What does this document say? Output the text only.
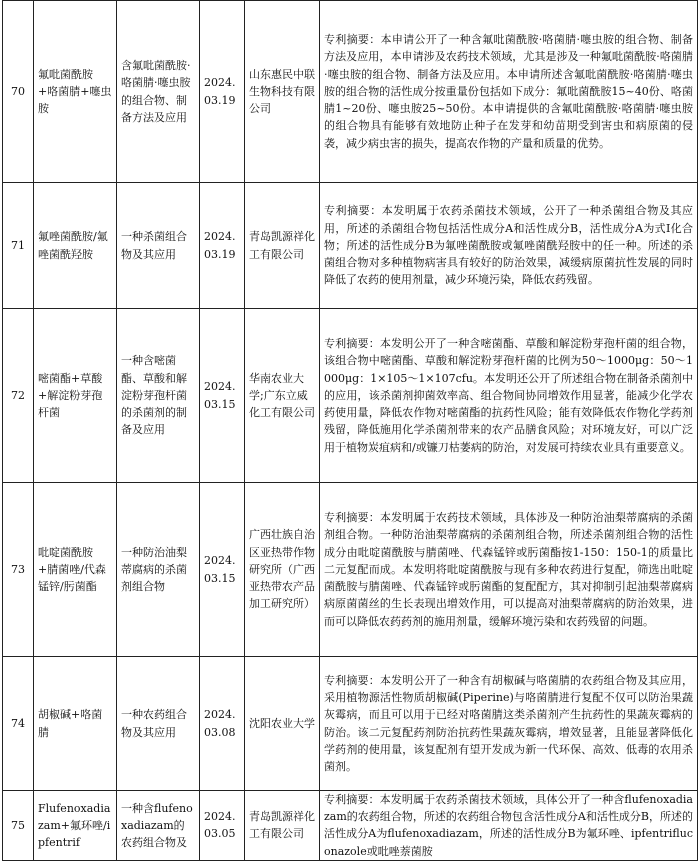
70	氟吡菌酰胺+咯菌腈+噻虫胺	含氟吡菌酰胺·咯菌腈·噻虫胺的组合物、制备方法及应用	2024.03.19	山东惠民中联生物科技有限公司	专利摘要：本申请公开了一种含氟吡菌酰胺·咯菌腈·噻虫胺的组合物、制备方法及应用，本申请涉及农药技术领域，尤其是涉及一种氟吡菌酰胺·咯菌腈·噻虫胺的组合物、制备方法及应用。本申请所述含氟吡菌酰胺·咯菌腈·噻虫胺的组合物的活性成分按重量份包括如下成分：氟吡菌酰胺15~40份、咯菌腈1~20份、噻虫胺25~50份。本申请提供的含氟吡菌酰胺·咯菌腈·噻虫胺的组合物具有能够有效地防止种子在发芽和幼苗期受到害虫和病原菌的侵袭，减少病虫害的损失，提高农作物的产量和质量的优势。
71	氟唑菌酰胺/氟唑菌酰羟胺	一种杀菌组合物及其应用	2024.03.19	青岛凯源祥化工有限公司	专利摘要：本发明属于农药杀菌技术领域，公开了一种杀菌组合物及其应用，所述的杀菌组合物包括活性成分A和活性成分B，活性成分A为式Ⅰ化合物；所述的活性成分B为氟唑菌酰胺或氟唑菌酰羟胺中的任一种。所述的杀菌组合物对多种植物病害具有较好的防治效果，减缓病原菌抗性发展的同时降低了农药的使用剂量，减少环境污染，降低农药残留。
72	嘧菌酯+草酸+解淀粉芽孢杆菌	一种含嘧菌酯、草酸和解淀粉芽孢杆菌的杀菌剂的制备及应用	2024.03.15	华南农业大学;广东立威化工有限公司	专利摘要：本发明公开了一种含嘧菌酯、草酸和解淀粉芽孢杆菌的组合物，该组合物中嘧菌酯、草酸和解淀粉芽孢杆菌的比例为50～1000μg：50～1000μg：1×105～1×107cfu。本发明还公开了所述组合物在制备杀菌剂中的应用，该杀菌剂抑菌效率高、组合物间协同增效作用显著，能减少化学农药使用量，降低农作物对嘧菌酯的抗药性风险；能有效降低农作物化学药剂残留，降低施用化学杀菌剂带来的农产品膳食风险；对环境友好，可以广泛用于植物炭疽病和/或镰刀枯萎病的防治，对发展可持续农业具有重要意义。
73	吡啶菌酰胺+腈菌唑/代森锰锌/肟菌酯	一种防治油梨蒂腐病的杀菌剂组合物	2024.03.15	广西壮族自治区亚热带作物研究所（广西亚热带农产品加工研究所）	专利摘要：本发明属于农药技术领域，具体涉及一种防治油梨蒂腐病的杀菌剂组合物。一种防治油梨蒂腐病的杀菌剂组合物，所述杀菌剂组合物的活性成分由吡啶菌酰胺与腈菌唑、代森锰锌或肟菌酯按1-150：150-1的质量比二元复配而成。本发明将吡啶菌酰胺与现有多种农药进行复配，筛选出吡啶菌酰胺与腈菌唑、代森锰锌或肟菌酯的复配配方，其对抑制引起油梨蒂腐病病原菌菌丝的生长表现出增效作用，可以提高对油梨蒂腐病的防治效果，进而可以降低农药药剂的施用剂量，缓解环境污染和农药残留的问题。
74	胡椒碱+咯菌腈	一种农药组合物及其应用	2024.03.08	沈阳农业大学	专利摘要：本发明公开了一种含有胡椒碱与咯菌腈的农药组合物及其应用，采用植物源活性物质胡椒碱(Piperine)与咯菌腈进行复配不仅可以防治果蔬灰霉病，而且可以用于已经对咯菌腈这类杀菌剂产生抗药性的果蔬灰霉病的防治。该二元复配药剂防治抗药性果蔬灰霉病，增效显著，且能显著降低化学药剂的使用量，该复配剂有望开发成为新一代环保、高效、低毒的农用杀菌剂。
75	Flufenoxadiazam+氟环唑/ipfentrif	一种含flufenoxadiazam的农药组合物及	2024.03.05	青岛凯源祥化工有限公司	专利摘要：本发明属于农药杀菌技术领域，具体公开了一种含flufenoxadiazam的农药组合物，所述的农药组合物包含活性成分A和活性成分B，所述的活性成分A为flufenoxadiazam，所述的活性成分B为氟环唑、ipfentrifluconazole或吡唑萘菌胺
